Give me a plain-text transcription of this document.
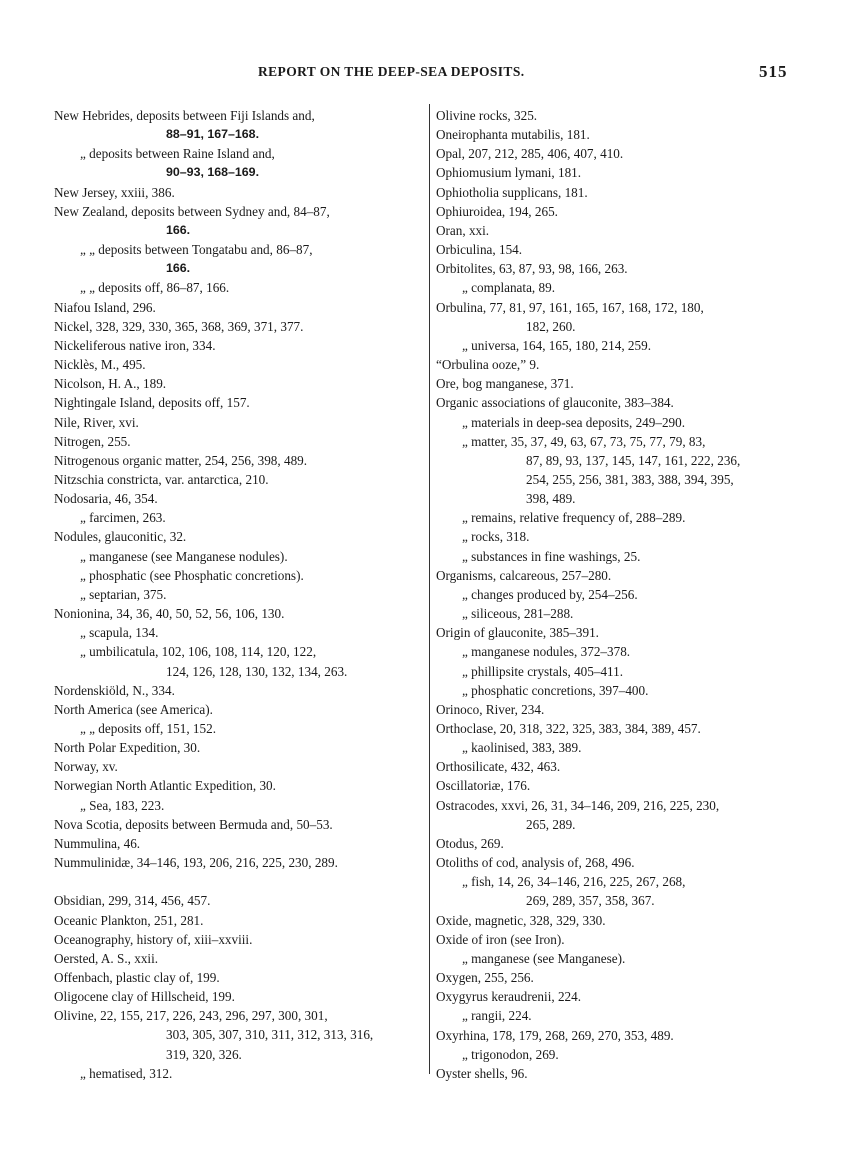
REPORT ON THE DEEP-SEA DEPOSITS.	515
New Hebrides, deposits between Fiji Islands and,
88–91, 167–168.
„ deposits between Raine Island and,
90–93, 168–169.
New Jersey, xxiii, 386.
New Zealand, deposits between Sydney and, 84–87,
166.
„ „ deposits between Tongatabu and, 86–87,
166.
„ „ deposits off, 86–87, 166.
Niafou Island, 296.
Nickel, 328, 329, 330, 365, 368, 369, 371, 377.
Nickeliferous native iron, 334.
Nicklès, M., 495.
Nicolson, H. A., 189.
Nightingale Island, deposits off, 157.
Nile, River, xvi.
Nitrogen, 255.
Nitrogenous organic matter, 254, 256, 398, 489.
Nitzschia constricta, var. antarctica, 210.
Nodosaria, 46, 354.
„ farcimen, 263.
Nodules, glauconitic, 32.
„ manganese (see Manganese nodules).
„ phosphatic (see Phosphatic concretions).
„ septarian, 375.
Nonionina, 34, 36, 40, 50, 52, 56, 106, 130.
„ scapula, 134.
„ umbilicatula, 102, 106, 108, 114, 120, 122,
124, 126, 128, 130, 132, 134, 263.
Nordenskiöld, N., 334.
North America (see America).
„ „ deposits off, 151, 152.
North Polar Expedition, 30.
Norway, xv.
Norwegian North Atlantic Expedition, 30.
„ Sea, 183, 223.
Nova Scotia, deposits between Bermuda and, 50–53.
Nummulina, 46.
Nummulinidæ, 34–146, 193, 206, 216, 225, 230, 289.
Obsidian, 299, 314, 456, 457.
Oceanic Plankton, 251, 281.
Oceanography, history of, xiii–xxviii.
Oersted, A. S., xxii.
Offenbach, plastic clay of, 199.
Oligocene clay of Hillscheid, 199.
Olivine, 22, 155, 217, 226, 243, 296, 297, 300, 301,
303, 305, 307, 310, 311, 312, 313, 316,
319, 320, 326.
„ hematised, 312.
Olivine rocks, 325.
Oneirophanta mutabilis, 181.
Opal, 207, 212, 285, 406, 407, 410.
Ophiomusium lymani, 181.
Ophiotholia supplicans, 181.
Ophiuroidea, 194, 265.
Oran, xxi.
Orbiculina, 154.
Orbitolites, 63, 87, 93, 98, 166, 263.
„ complanata, 89.
Orbulina, 77, 81, 97, 161, 165, 167, 168, 172, 180,
182, 260.
„ universa, 164, 165, 180, 214, 259.
“Orbulina ooze,” 9.
Ore, bog manganese, 371.
Organic associations of glauconite, 383–384.
„ materials in deep-sea deposits, 249–290.
„ matter, 35, 37, 49, 63, 67, 73, 75, 77, 79, 83,
87, 89, 93, 137, 145, 147, 161, 222, 236,
254, 255, 256, 381, 383, 388, 394, 395,
398, 489.
„ remains, relative frequency of, 288–289.
„ rocks, 318.
„ substances in fine washings, 25.
Organisms, calcareous, 257–280.
„ changes produced by, 254–256.
„ siliceous, 281–288.
Origin of glauconite, 385–391.
„ manganese nodules, 372–378.
„ phillipsite crystals, 405–411.
„ phosphatic concretions, 397–400.
Orinoco, River, 234.
Orthoclase, 20, 318, 322, 325, 383, 384, 389, 457.
„ kaolinised, 383, 389.
Orthosilicate, 432, 463.
Oscillatoriæ, 176.
Ostracodes, xxvi, 26, 31, 34–146, 209, 216, 225, 230,
265, 289.
Otodus, 269.
Otoliths of cod, analysis of, 268, 496.
„ fish, 14, 26, 34–146, 216, 225, 267, 268,
269, 289, 357, 358, 367.
Oxide, magnetic, 328, 329, 330.
Oxide of iron (see Iron).
„ manganese (see Manganese).
Oxygen, 255, 256.
Oxygyrus keraudrenii, 224.
„ rangii, 224.
Oxyrhina, 178, 179, 268, 269, 270, 353, 489.
„ trigonodon, 269.
Oyster shells, 96.
